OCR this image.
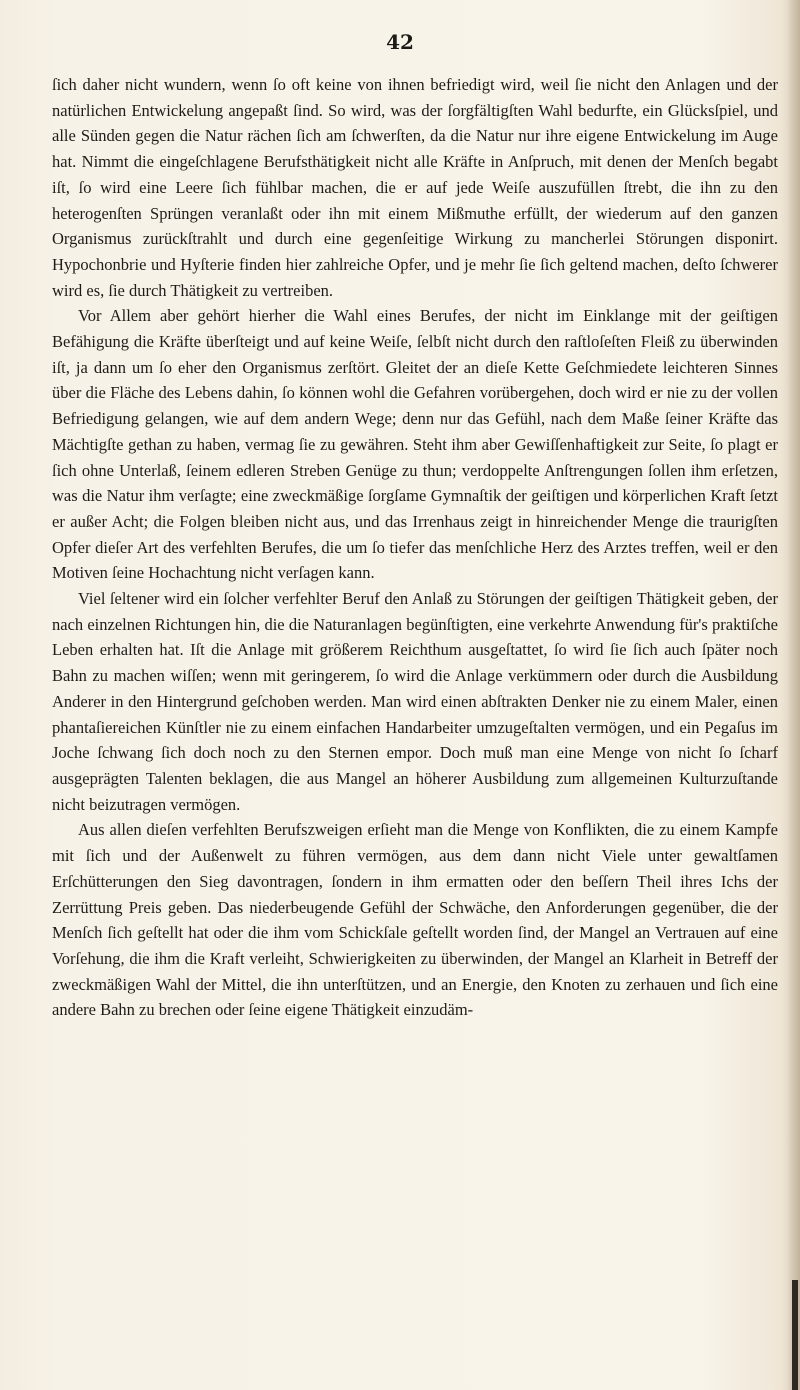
42

ſich daher nicht wundern, wenn ſo oft keine von ihnen befriedigt wird, weil ſie nicht den Anlagen und der natürlichen Entwickelung angepaßt ſind. So wird, was der ſorgfältigſten Wahl bedurfte, ein Glücksſpiel, und alle Sünden gegen die Natur rächen ſich am ſchwerſten, da die Natur nur ihre eigene Entwickelung im Auge hat. Nimmt die eingeſchlagene Berufsthätigkeit nicht alle Kräfte in Anſpruch, mit denen der Menſch begabt iſt, ſo wird eine Leere ſich fühlbar machen, die er auf jede Weiſe auszufüllen ſtrebt, die ihn zu den heterogenſten Sprüngen veranlaßt oder ihn mit einem Mißmuthe erfüllt, der wiederum auf den ganzen Organismus zurückſtrahlt und durch eine gegenſeitige Wirkung zu mancherlei Störungen disponirt. Hypochonbrie und Hyſterie finden hier zahlreiche Opfer, und je mehr ſie ſich geltend machen, deſto ſchwerer wird es, ſie durch Thätigkeit zu vertreiben.

Vor Allem aber gehört hierher die Wahl eines Berufes, der nicht im Einklange mit der geiſtigen Befähigung die Kräfte überſteigt und auf keine Weiſe, ſelbſt nicht durch den raſtloſeſten Fleiß zu überwinden iſt, ja dann um ſo eher den Organismus zerſtört. Gleitet der an dieſe Kette Geſchmiedete leichteren Sinnes über die Fläche des Lebens dahin, ſo können wohl die Gefahren vorübergehen, doch wird er nie zu der vollen Befriedigung gelangen, wie auf dem andern Wege; denn nur das Gefühl, nach dem Maße ſeiner Kräfte das Mächtigſte gethan zu haben, vermag ſie zu gewähren. Steht ihm aber Gewiſſenhaftigkeit zur Seite, ſo plagt er ſich ohne Unterlaß, ſeinem edleren Streben Genüge zu thun; verdoppelte Anſtrengungen ſollen ihm erſetzen, was die Natur ihm verſagte; eine zweckmäßige ſorgſame Gymnaſtik der geiſtigen und körperlichen Kraft ſetzt er außer Acht; die Folgen bleiben nicht aus, und das Irrenhaus zeigt in hinreichender Menge die traurigſten Opfer dieſer Art des verfehlten Berufes, die um ſo tiefer das menſchliche Herz des Arztes treffen, weil er den Motiven ſeine Hochachtung nicht verſagen kann.

Viel ſeltener wird ein ſolcher verfehlter Beruf den Anlaß zu Störungen der geiſtigen Thätigkeit geben, der nach einzelnen Richtungen hin, die die Naturanlagen begünſtigten, eine verkehrte Anwendung für's praktiſche Leben erhalten hat. Iſt die Anlage mit größerem Reichthum ausgeſtattet, ſo wird ſie ſich auch ſpäter noch Bahn zu machen wiſſen; wenn mit geringerem, ſo wird die Anlage verkümmern oder durch die Ausbildung Anderer in den Hintergrund geſchoben werden. Man wird einen abſtrakten Denker nie zu einem Maler, einen phantaſiereichen Künſtler nie zu einem einfachen Handarbeiter umzugeſtalten vermögen, und ein Pegaſus im Joche ſchwang ſich doch noch zu den Sternen empor. Doch muß man eine Menge von nicht ſo ſcharf ausgeprägten Talenten beklagen, die aus Mangel an höherer Ausbildung zum allgemeinen Kulturzuſtande nicht beizutragen vermögen.

Aus allen dieſen verfehlten Berufszweigen erſieht man die Menge von Konflikten, die zu einem Kampfe mit ſich und der Außenwelt zu führen vermögen, aus dem dann nicht Viele unter gewaltſamen Erſchütterungen den Sieg davontragen, ſondern in ihm ermatten oder den beſſern Theil ihres Ichs der Zerrüttung Preis geben. Das niederbeugende Gefühl der Schwäche, den Anforderungen gegenüber, die der Menſch ſich geſtellt hat oder die ihm vom Schickſale geſtellt worden ſind, der Mangel an Vertrauen auf eine Vorſehung, die ihm die Kraft verleiht, Schwierigkeiten zu überwinden, der Mangel an Klarheit in Betreff der zweckmäßigen Wahl der Mittel, die ihn unterſtützen, und an Energie, den Knoten zu zerhauen und ſich eine andere Bahn zu brechen oder ſeine eigene Thätigkeit einzudäm-
